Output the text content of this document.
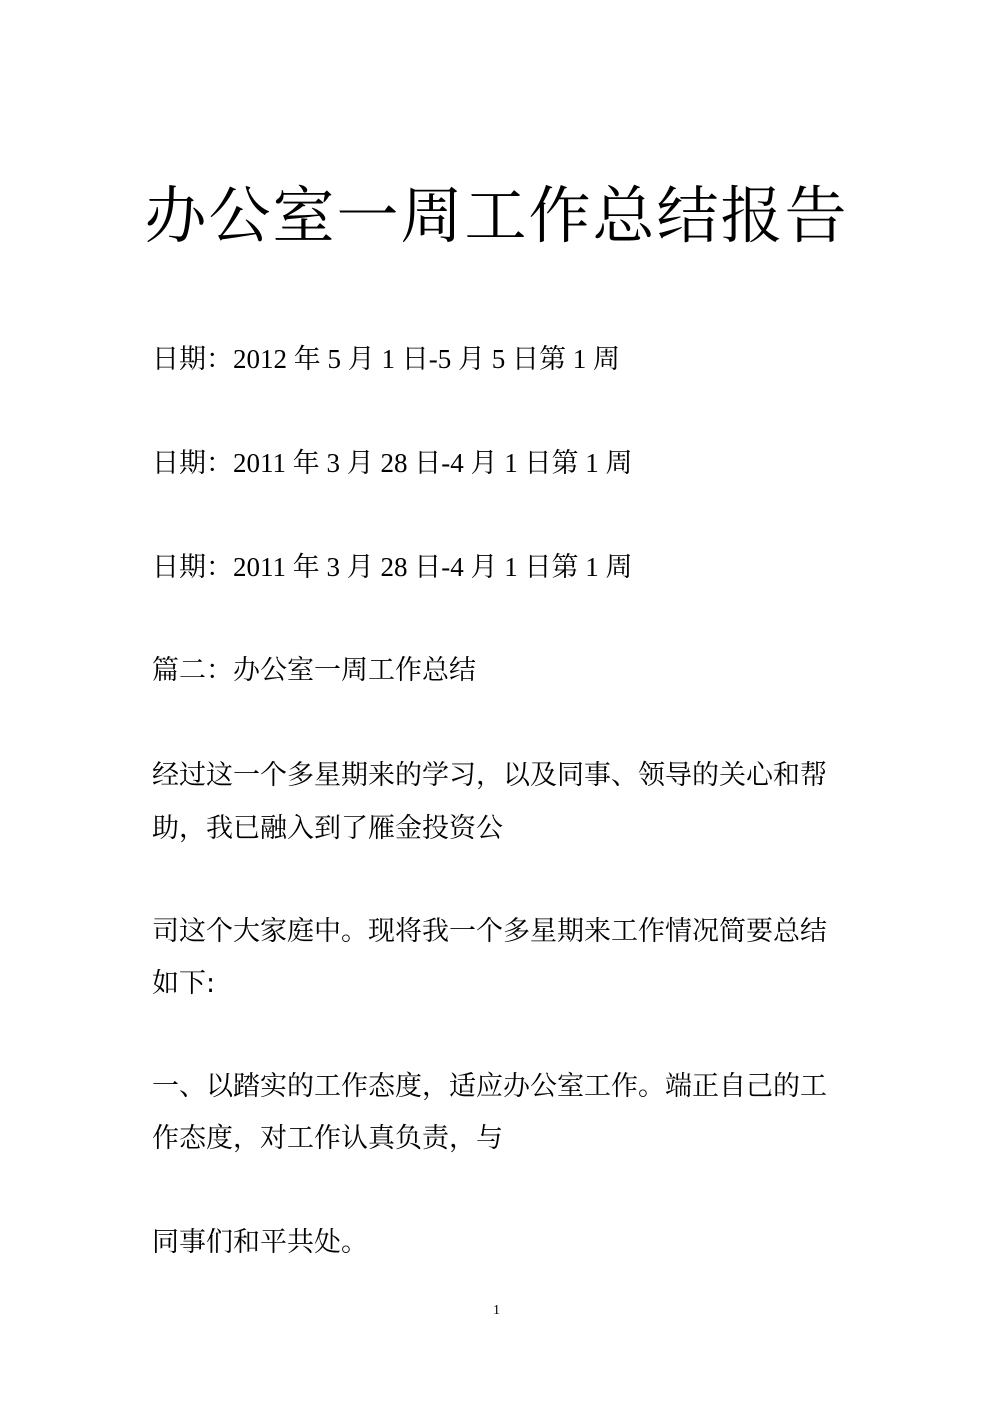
办公室一周工作总结报告

日期：2012 年 5 月 1 日-5 月 5 日第 1 周

日期：2011 年 3 月 28 日-4 月 1 日第 1 周

日期：2011 年 3 月 28 日-4 月 1 日第 1 周

篇二：办公室一周工作总结

经过这一个多星期来的学习，以及同事、领导的关心和帮

助，我已融入到了雁金投资公

司这个大家庭中。现将我一个多星期来工作情况简要总结

如下:

一、以踏实的工作态度，适应办公室工作。端正自己的工

作态度，对工作认真负责，与

同事们和平共处。

1
